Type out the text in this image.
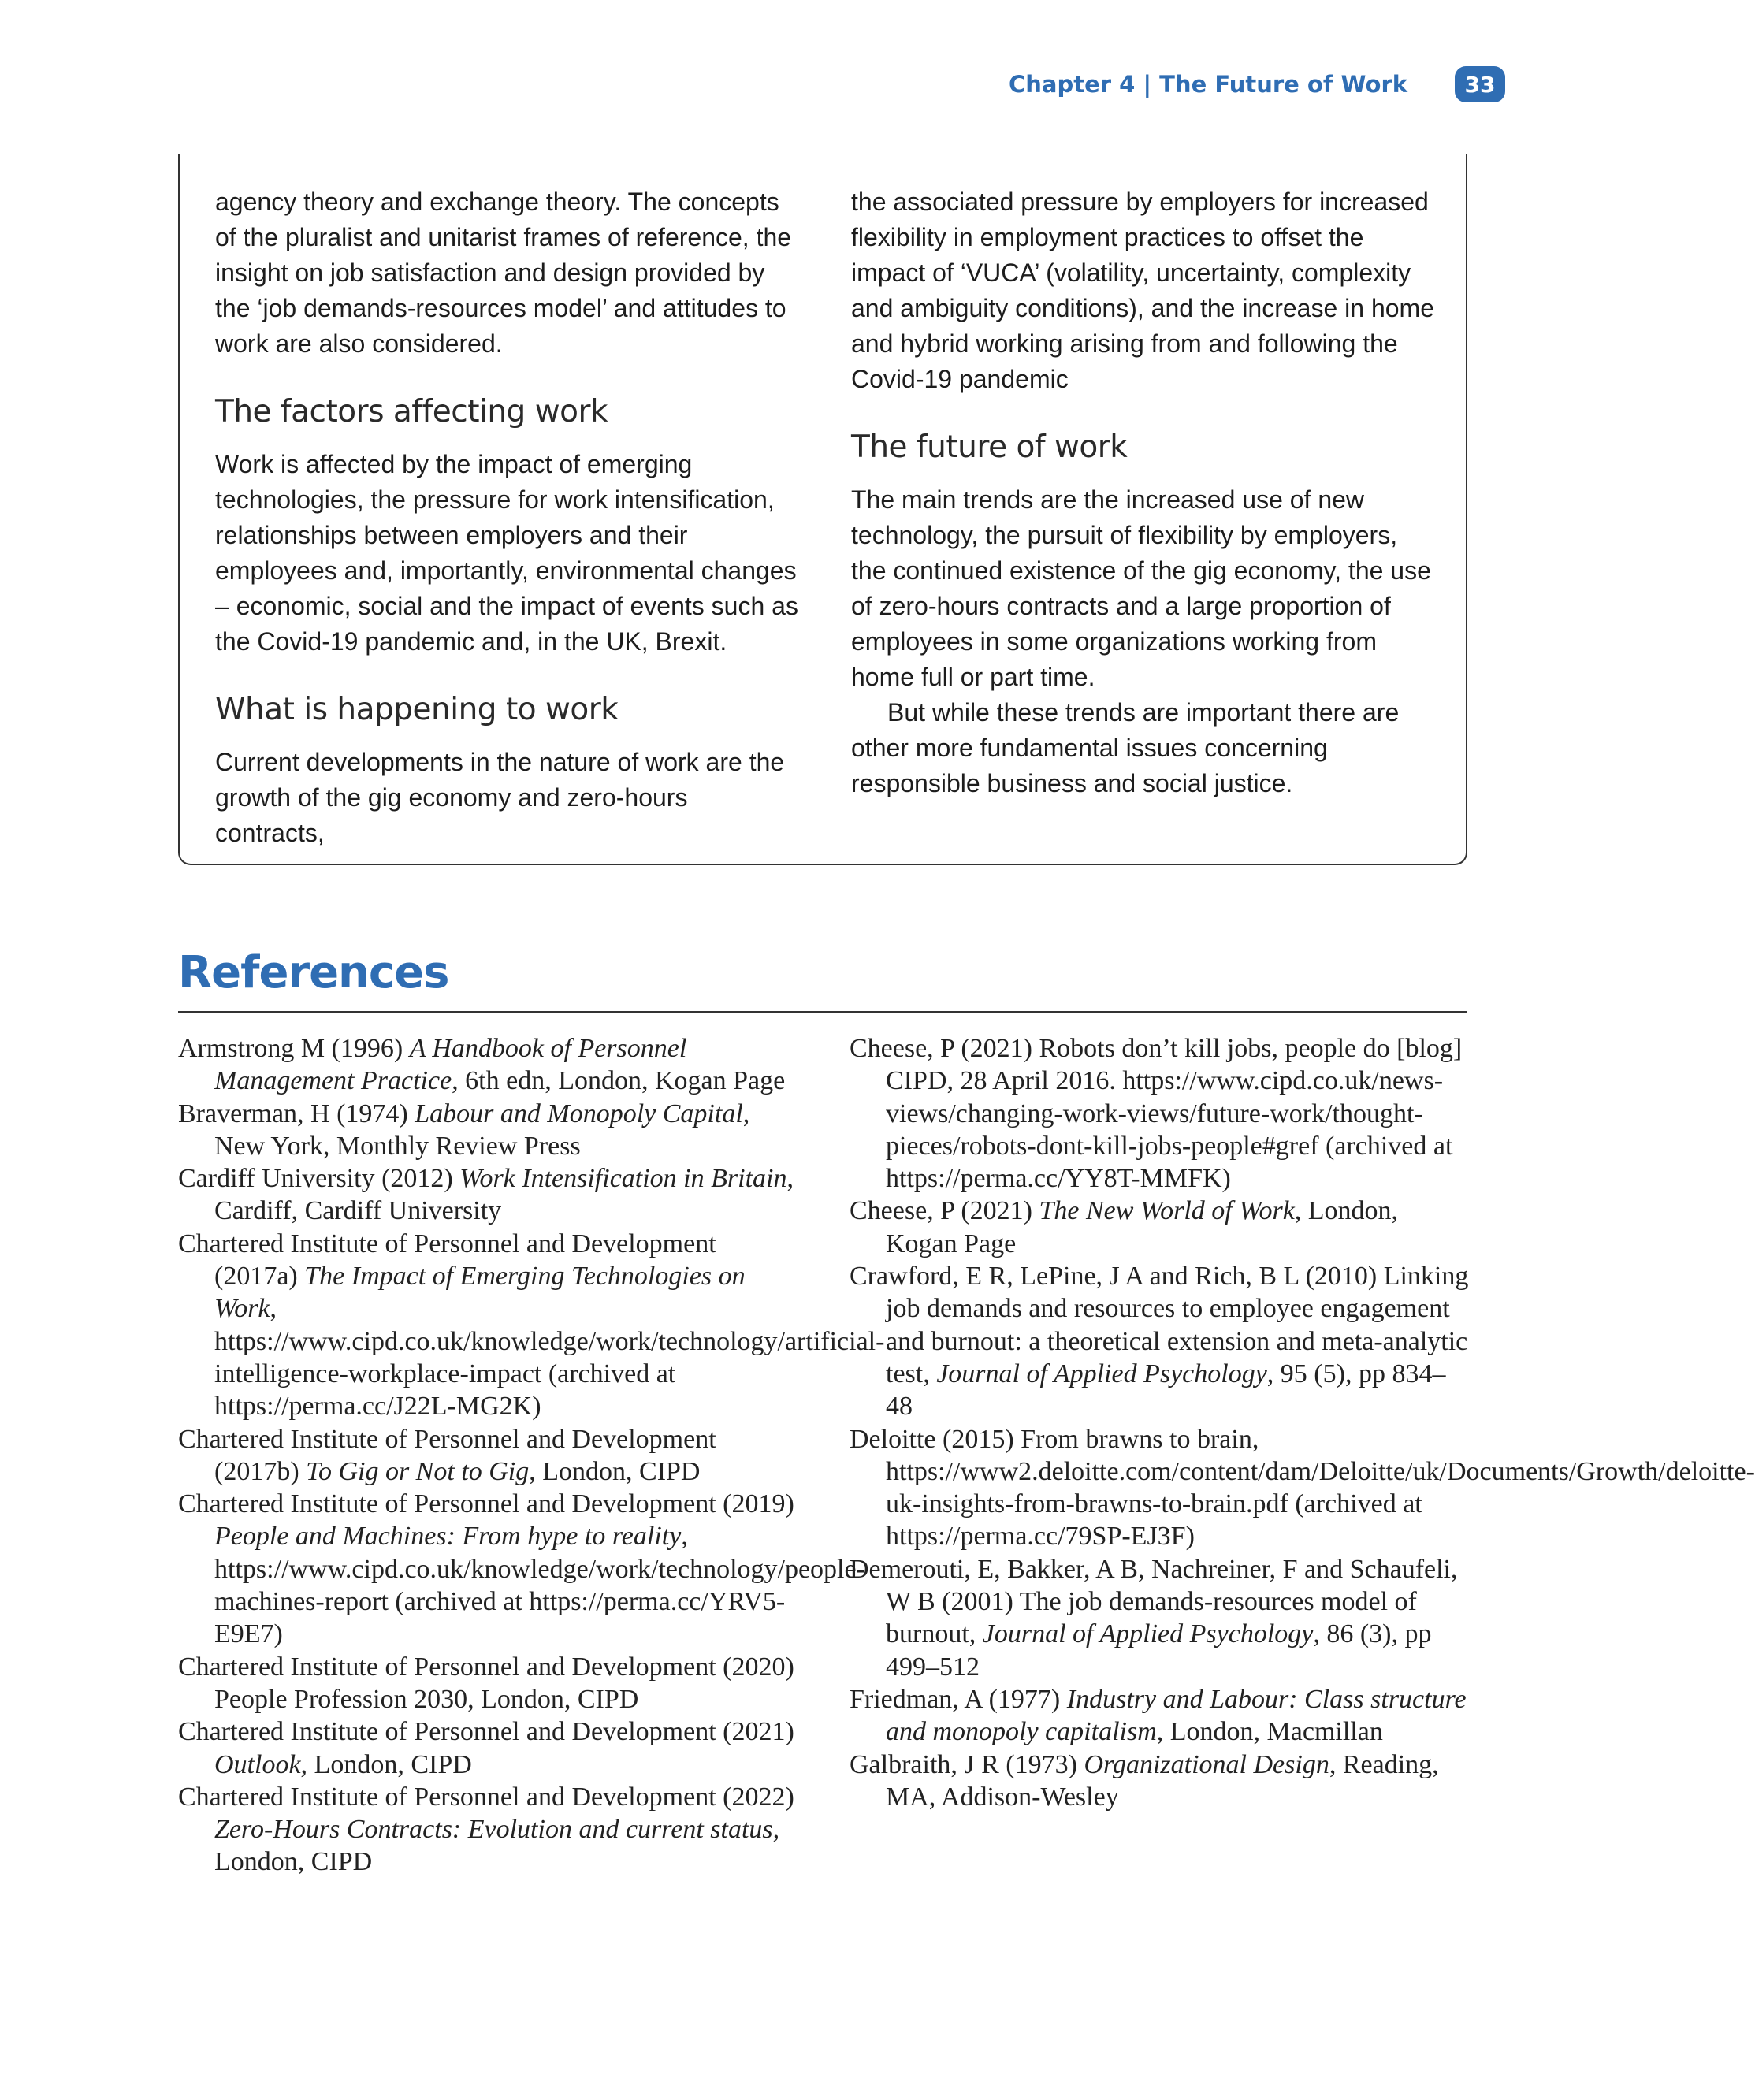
Chapter 4 | The Future of Work	33

agency theory and exchange theory. The concepts of the pluralist and unitarist frames of reference, the insight on job satisfaction and design provided by the ‘job demands-resources model’ and attitudes to work are also considered.

The factors affecting work

Work is affected by the impact of emerging technologies, the pressure for work intensification, relationships between employers and their employees and, importantly, environmental changes – economic, social and the impact of events such as the Covid-19 pandemic and, in the UK, Brexit.

What is happening to work

Current developments in the nature of work are the growth of the gig economy and zero-hours contracts,

the associated pressure by employers for increased flexibility in employment practices to offset the impact of ‘VUCA’ (volatility, uncertainty, complexity and ambiguity conditions), and the increase in home and hybrid working arising from and following the Covid-19 pandemic

The future of work

The main trends are the increased use of new technology, the pursuit of flexibility by employers, the continued existence of the gig economy, the use of zero-hours contracts and a large proportion of employees in some organizations working from home full or part time.

But while these trends are important there are other more fundamental issues concerning responsible business and social justice.

References

Armstrong M (1996) A Handbook of Personnel Management Practice, 6th edn, London, Kogan Page

Braverman, H (1974) Labour and Monopoly Capital, New York, Monthly Review Press

Cardiff University (2012) Work Intensification in Britain, Cardiff, Cardiff University

Chartered Institute of Personnel and Development (2017a) The Impact of Emerging Technologies on Work, https://www.cipd.co.uk/knowledge/work/technology/artificial-intelligence-workplace-impact (archived at https://perma.cc/J22L-MG2K)

Chartered Institute of Personnel and Development (2017b) To Gig or Not to Gig, London, CIPD

Chartered Institute of Personnel and Development (2019) People and Machines: From hype to reality, https://www.cipd.co.uk/knowledge/work/technology/people-machines-report (archived at https://perma.cc/YRV5-E9E7)

Chartered Institute of Personnel and Development (2020) People Profession 2030, London, CIPD

Chartered Institute of Personnel and Development (2021) Outlook, London, CIPD

Chartered Institute of Personnel and Development (2022) Zero-Hours Contracts: Evolution and current status, London, CIPD

Cheese, P (2021) Robots don’t kill jobs, people do [blog] CIPD, 28 April 2016. https://www.cipd.co.uk/news-views/changing-work-views/future-work/thought-pieces/robots-dont-kill-jobs-people#gref (archived at https://perma.cc/YY8T-MMFK)

Cheese, P (2021) The New World of Work, London, Kogan Page

Crawford, E R, LePine, J A and Rich, B L (2010) Linking job demands and resources to employee engagement and burnout: a theoretical extension and meta-analytic test, Journal of Applied Psychology, 95 (5), pp 834–48

Deloitte (2015) From brawns to brain, https://www2.deloitte.com/content/dam/Deloitte/uk/Documents/Growth/deloitte-uk-insights-from-brawns-to-brain.pdf (archived at https://perma.cc/79SP-EJ3F)

Demerouti, E, Bakker, A B, Nachreiner, F and Schaufeli, W B (2001) The job demands-resources model of burnout, Journal of Applied Psychology, 86 (3), pp 499–512

Friedman, A (1977) Industry and Labour: Class structure and monopoly capitalism, London, Macmillan

Galbraith, J R (1973) Organizational Design, Reading, MA, Addison-Wesley
